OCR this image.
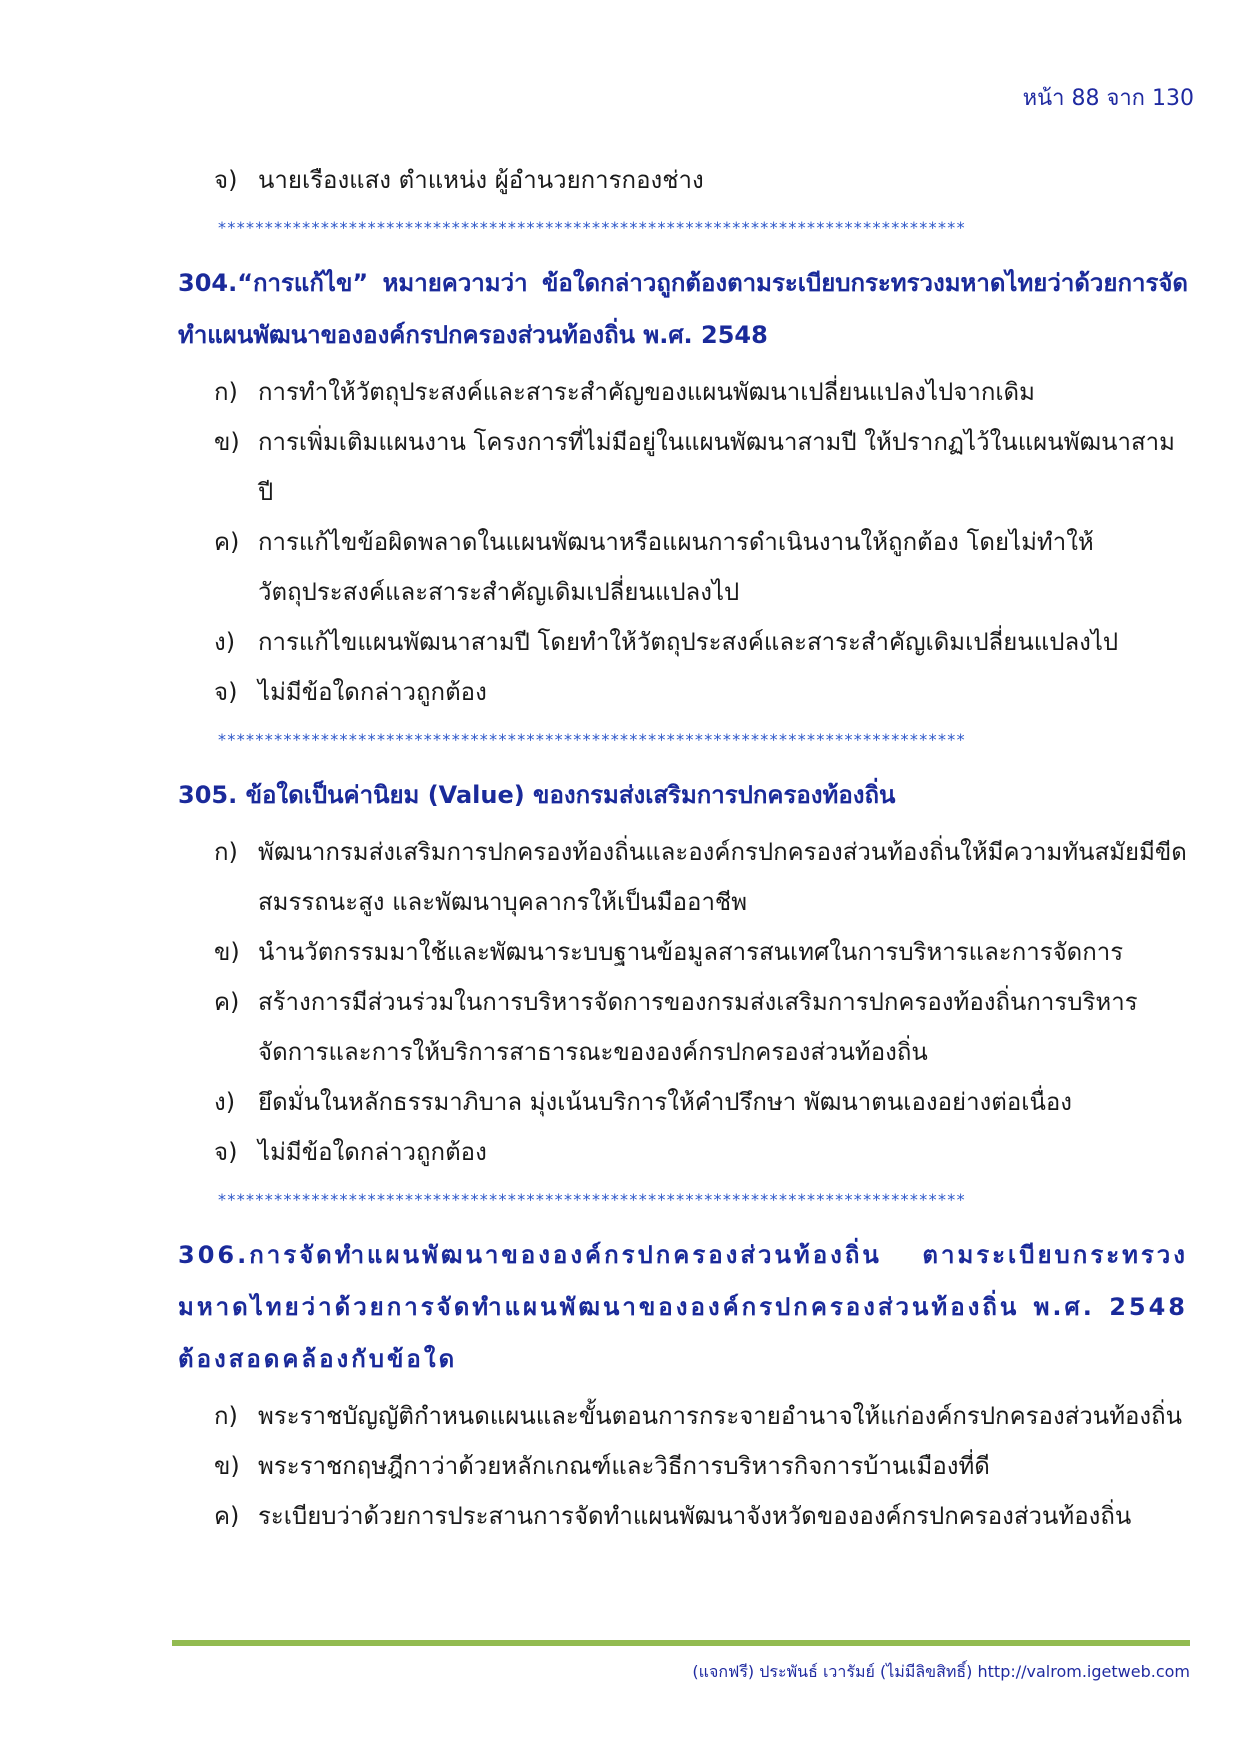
หน้า 88 จาก 130
จ) นายเรืองแสง ตำแหน่ง ผู้อำนวยการกองช่าง
********************************************************************************
304.“การแก้ไข” หมายความว่า ข้อใดกล่าวถูกต้องตามระเบียบกระทรวงมหาดไทยว่าด้วยการจัดทำแผนพัฒนาขององค์กรปกครองส่วนท้องถิ่น พ.ศ. 2548
ก) การทำให้วัตถุประสงค์และสาระสำคัญของแผนพัฒนาเปลี่ยนแปลงไปจากเดิม
ข) การเพิ่มเติมแผนงาน โครงการที่ไม่มีอยู่ในแผนพัฒนาสามปี ให้ปรากฏไว้ในแผนพัฒนาสามปี
ค) การแก้ไขข้อผิดพลาดในแผนพัฒนาหรือแผนการดำเนินงานให้ถูกต้อง โดยไม่ทำให้วัตถุประสงค์และสาระสำคัญเดิมเปลี่ยนแปลงไป
ง) การแก้ไขแผนพัฒนาสามปี โดยทำให้วัตถุประสงค์และสาระสำคัญเดิมเปลี่ยนแปลงไป
จ) ไม่มีข้อใดกล่าวถูกต้อง
********************************************************************************
305. ข้อใดเป็นค่านิยม (Value) ของกรมส่งเสริมการปกครองท้องถิ่น
ก) พัฒนากรมส่งเสริมการปกครองท้องถิ่นและองค์กรปกครองส่วนท้องถิ่นให้มีความทันสมัยมีขีดสมรรถนะสูง และพัฒนาบุคลากรให้เป็นมืออาชีพ
ข) นำนวัตกรรมมาใช้และพัฒนาระบบฐานข้อมูลสารสนเทศในการบริหารและการจัดการ
ค) สร้างการมีส่วนร่วมในการบริหารจัดการของกรมส่งเสริมการปกครองท้องถิ่นการบริหารจัดการและการให้บริการสาธารณะขององค์กรปกครองส่วนท้องถิ่น
ง) ยึดมั่นในหลักธรรมาภิบาล มุ่งเน้นบริการให้คำปรึกษา พัฒนาตนเองอย่างต่อเนื่อง
จ) ไม่มีข้อใดกล่าวถูกต้อง
********************************************************************************
306.การจัดทำแผนพัฒนาขององค์กรปกครองส่วนท้องถิ่น ตามระเบียบกระทรวงมหาดไทยว่าด้วยการจัดทำแผนพัฒนาขององค์กรปกครองส่วนท้องถิ่น พ.ศ. 2548 ต้องสอดคล้องกับข้อใด
ก) พระราชบัญญัติกำหนดแผนและขั้นตอนการกระจายอำนาจให้แก่องค์กรปกครองส่วนท้องถิ่น
ข) พระราชกฤษฎีกาว่าด้วยหลักเกณฑ์และวิธีการบริหารกิจการบ้านเมืองที่ดี
ค) ระเบียบว่าด้วยการประสานการจัดทำแผนพัฒนาจังหวัดขององค์กรปกครองส่วนท้องถิ่น
(แจกฟรี) ประพันธ์ เวารัมย์ (ไม่มีลิขสิทธิ์) http://valrom.igetweb.com
